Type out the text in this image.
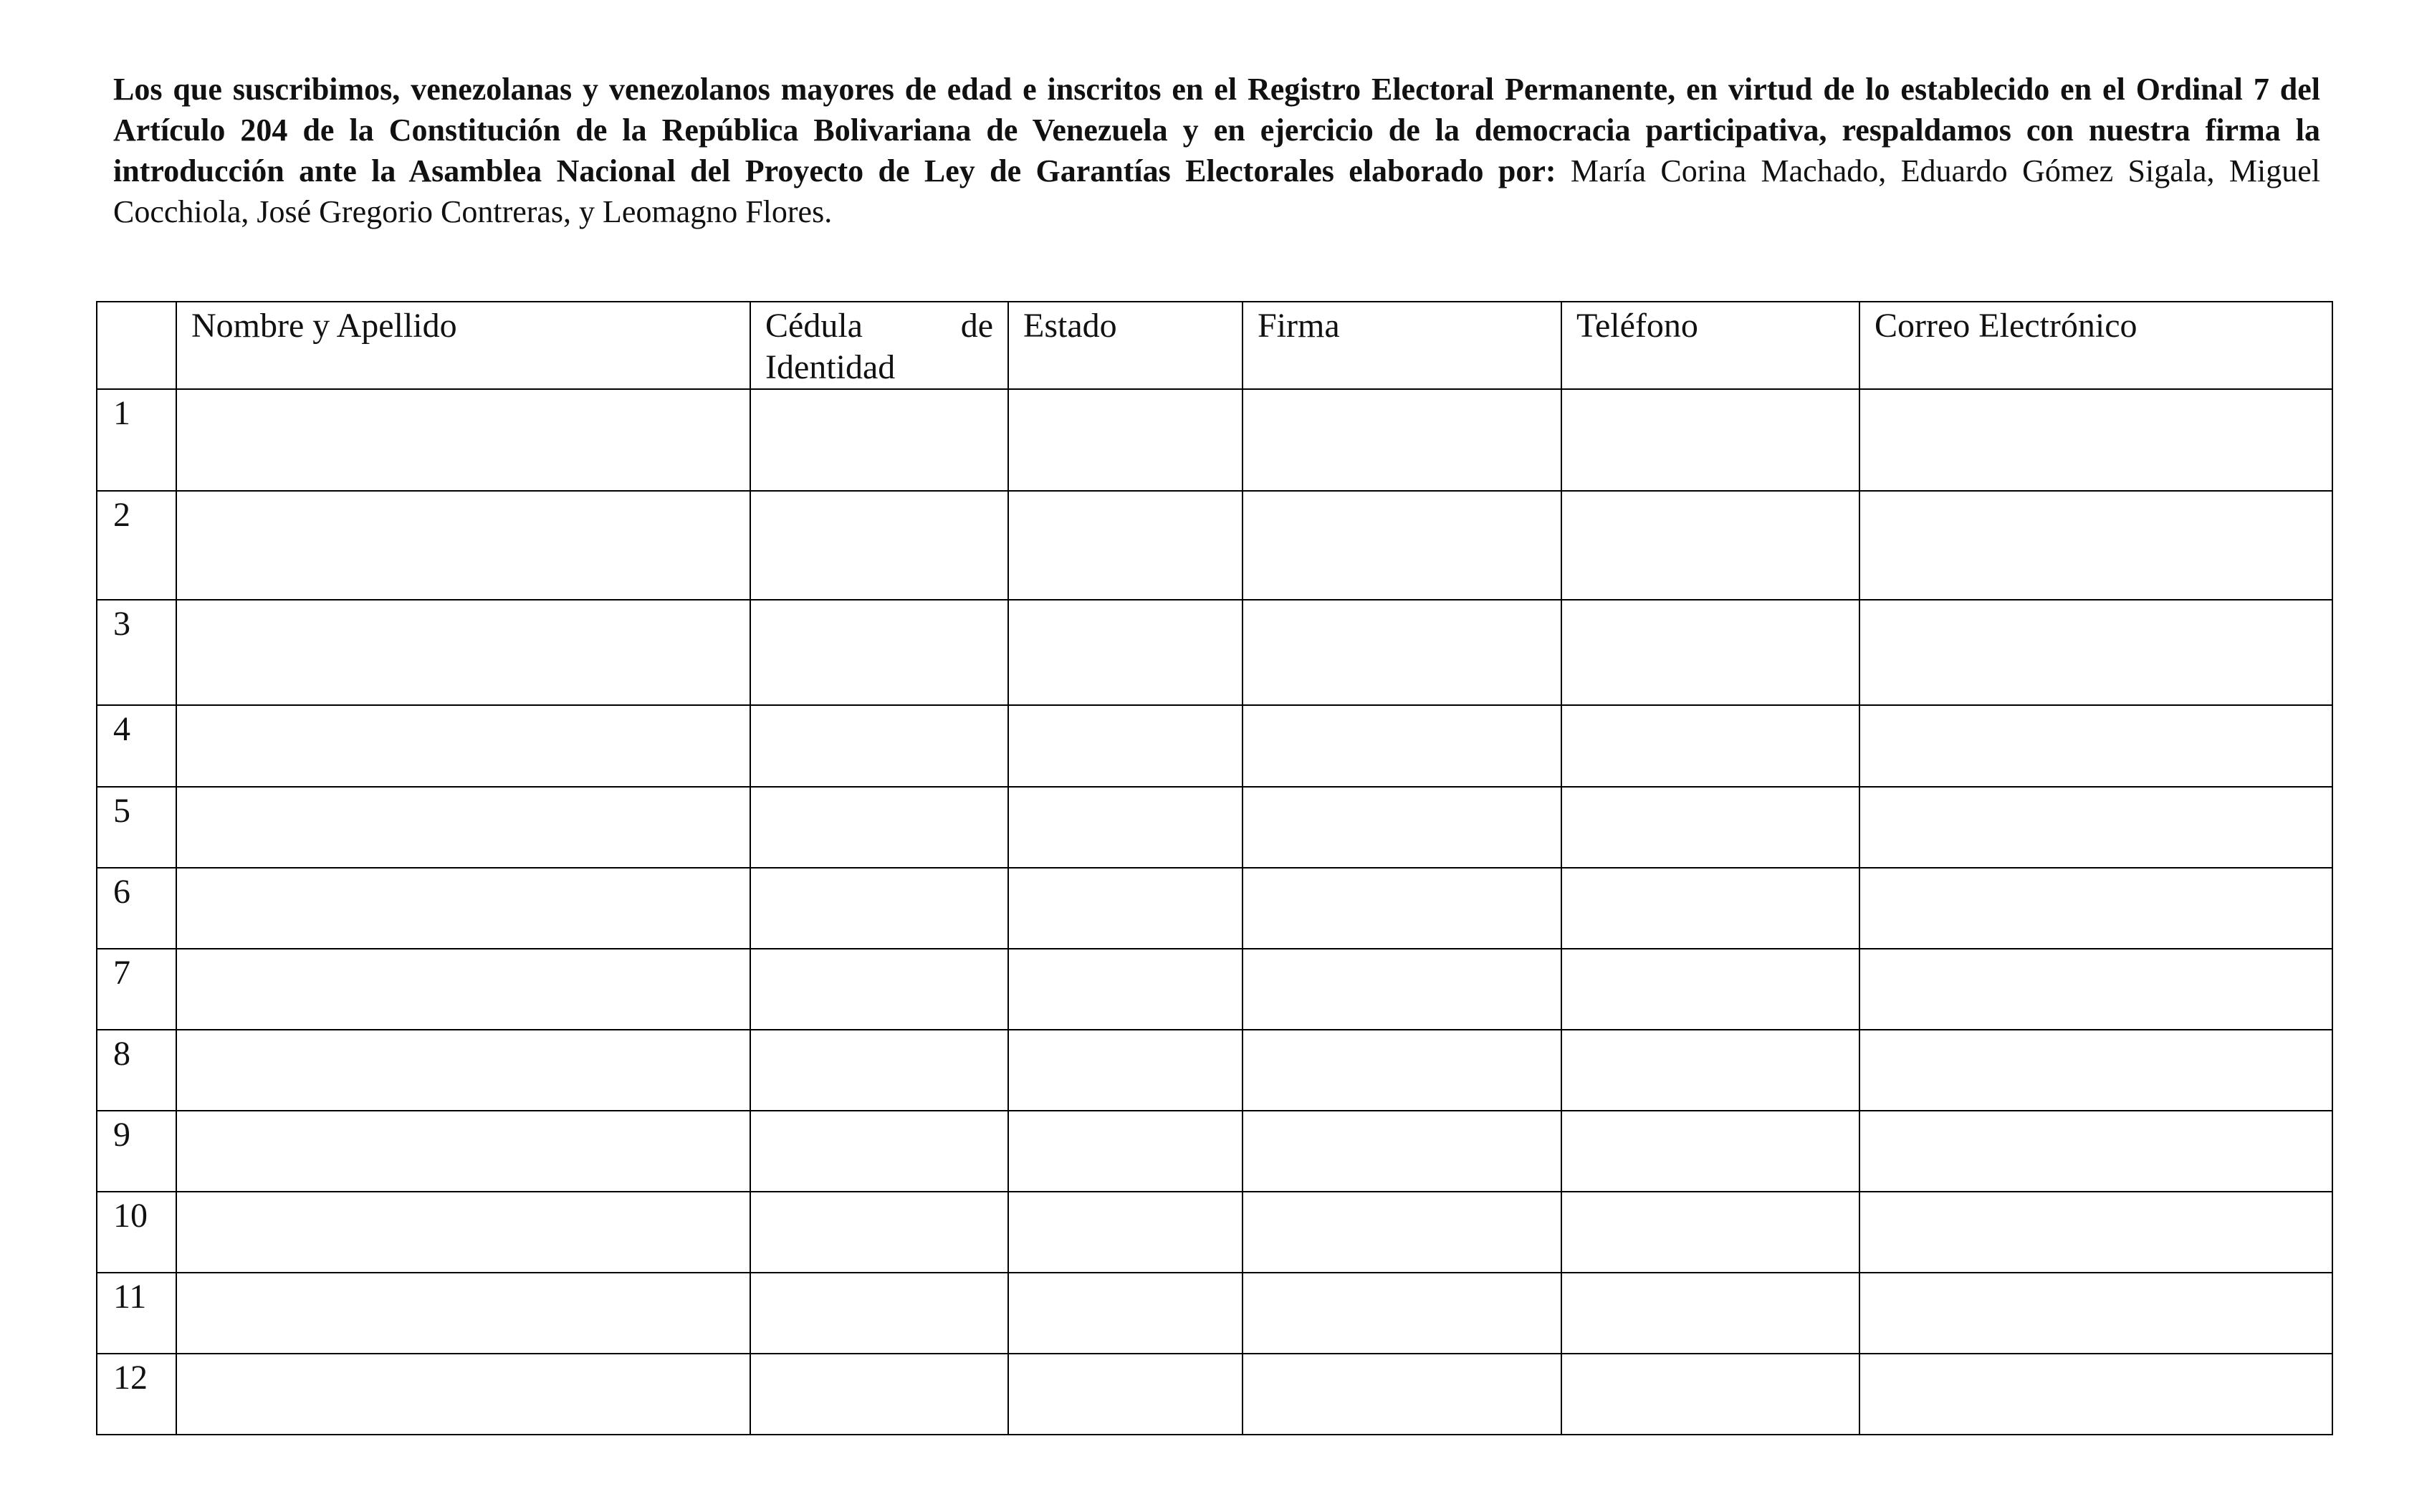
Los que suscribimos, venezolanas y venezolanos mayores de edad e inscritos en el Registro Electoral Permanente, en virtud de lo establecido en el Ordinal 7 del Artículo 204 de la Constitución de la República Bolivariana de Venezuela y en ejercicio de la democracia participativa, respaldamos con nuestra firma la introducción ante la Asamblea Nacional del Proyecto de Ley de Garantías Electorales elaborado por: María Corina Machado, Eduardo Gómez Sigala, Miguel Cocchiola, José Gregorio Contreras, y Leomagno Flores.

	Nombre y Apellido	Cédula de Identidad	Estado	Firma	Teléfono	Correo Electrónico
1						
2						
3						
4						
5						
6						
7						
8						
9						
10						
11						
12						
